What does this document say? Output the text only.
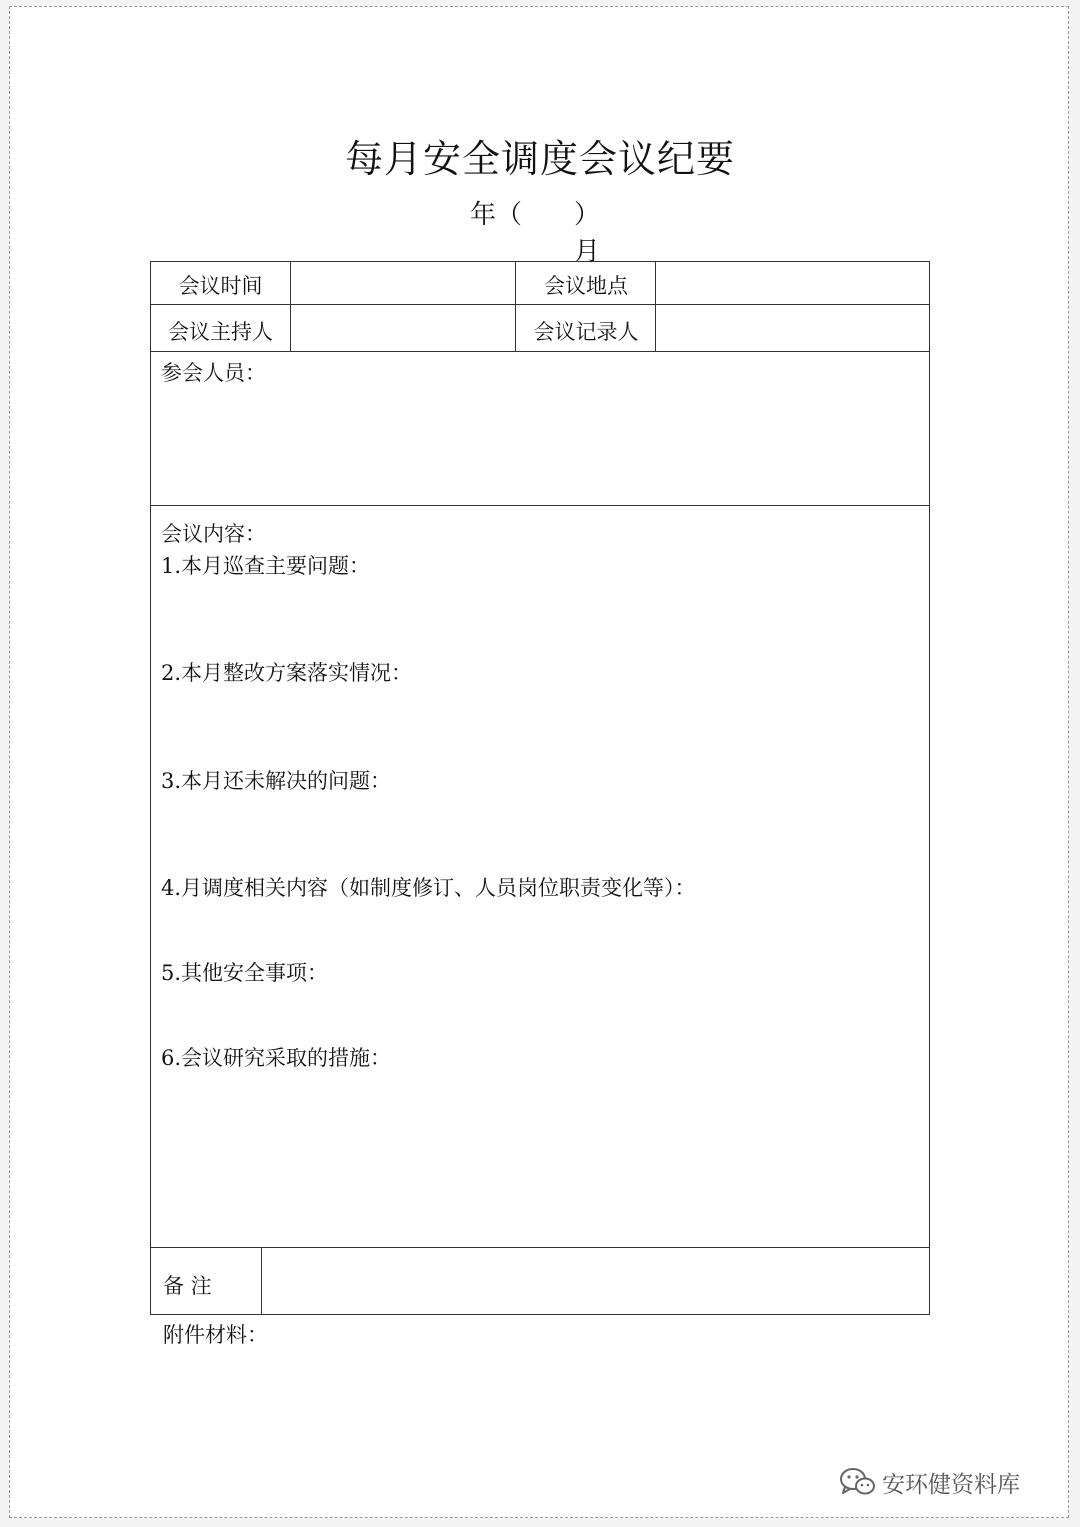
每月安全调度会议纪要
年（ ）月
会议时间	会议地点
会议主持人	会议记录人
参会人员：
会议内容：
1.本月巡查主要问题：
2.本月整改方案落实情况：
3.本月还未解决的问题：
4.月调度相关内容（如制度修订、人员岗位职责变化等）：
5.其他安全事项：
6.会议研究采取的措施：
备 注
附件材料：
安环健资料库
